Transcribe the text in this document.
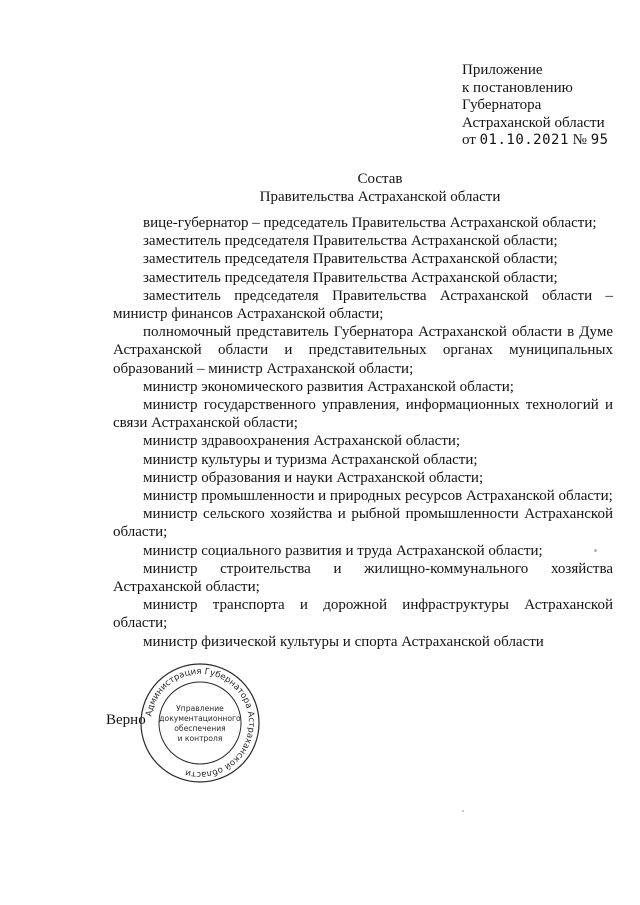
Приложение
к постановлению
Губернатора
Астраханской области
от 01.10.2021 № 95
Состав
Правительства Астраханской области

вице-губернатор – председатель Правительства Астраханской области;

заместитель председателя Правительства Астраханской области;

заместитель председателя Правительства Астраханской области;

заместитель председателя Правительства Астраханской области;

заместитель председателя Правительства Астраханской области – министр финансов Астраханской области;

полномочный представитель Губернатора Астраханской области в Думе Астраханской области и представительных органах муниципальных образований – министр Астраханской области;

министр экономического развития Астраханской области;

министр государственного управления, информационных технологий и связи Астраханской области;

министр здравоохранения Астраханской области;

министр культуры и туризма Астраханской области;

министр образования и науки Астраханской области;

министр промышленности и природных ресурсов Астраханской области;

министр сельского хозяйства и рыбной промышленности Астраханской области;

министр социального развития и труда Астраханской области;

министр строительства и жилищно-коммунального хозяйства Астраханской области;

министр транспорта и дорожной инфраструктуры Астраханской области;

министр физической культуры и спорта Астраханской области

Верно
Администрация Губернатора Астраханской области
Управление
документационного
обеспечения
и контроля
